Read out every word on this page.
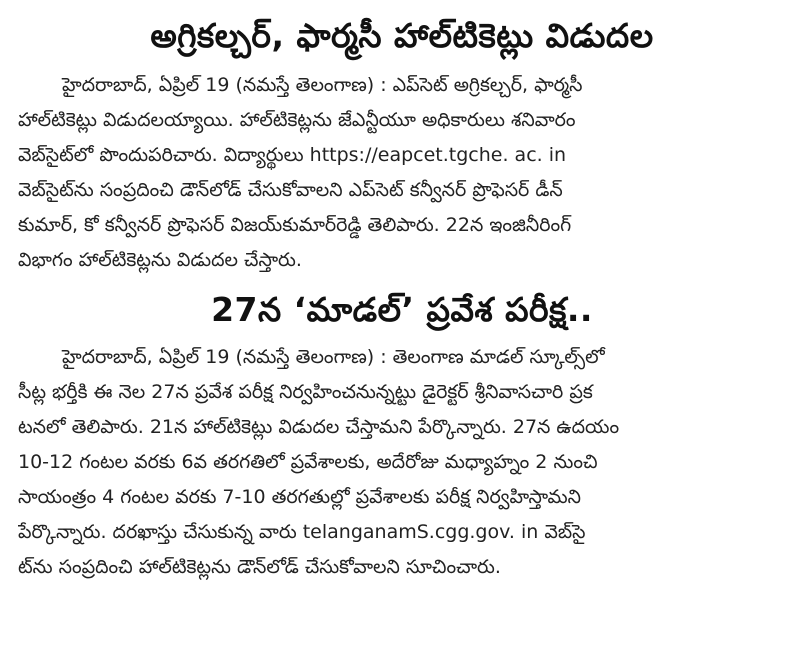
అగ్రికల్చర్‌, ఫార్మసీ హాల్‌టికెట్లు విడుదల

హైదరాబాద్‌, ఏప్రిల్‌ 19 (నమస్తే తెలంగాణ) : ఎప్‌సెట్‌ అగ్రికల్చర్‌, ఫార్మసీ
హాల్‌టికెట్లు విడుదలయ్యాయి. హాల్‌టికెట్లను జేఎన్టీయూ అధికారులు శనివారం
వెబ్‌సైట్‌లో పొందుపరిచారు. విద్యార్థులు https://eapcet.tgche. ac. in
వెబ్‌సైట్‌ను సంప్రదించి డౌన్‌లోడ్‌ చేసుకోవాలని ఎప్‌సెట్‌ కన్వీనర్‌ ప్రొఫెసర్‌ డీన్‌
కుమార్‌, కో కన్వీనర్‌ ప్రొఫెసర్‌ విజయ్‌కుమార్‌రెడ్డి తెలిపారు. 22న ఇంజినీరింగ్‌
విభాగం హాల్‌టికెట్లను విడుదల చేస్తారు.

27న ‘మాడల్‌’ ప్రవేశ పరీక్ష..

హైదరాబాద్‌, ఏప్రిల్‌ 19 (నమస్తే తెలంగాణ) : తెలంగాణ మాడల్‌ స్కూల్స్‌లో
సీట్ల భర్తీకి ఈ నెల 27న ప్రవేశ పరీక్ష నిర్వహించనున్నట్టు డైరెక్టర్‌ శ్రీనివాసచారి ప్రక
టనలో తెలిపారు. 21న హాల్‌టికెట్లు విడుదల చేస్తామని పేర్కొన్నారు. 27న ఉదయం
10-12 గంటల వరకు 6వ తరగతిలో ప్రవేశాలకు, అదేరోజు మధ్యాహ్నం 2 నుంచి
సాయంత్రం 4 గంటల వరకు 7-10 తరగతుల్లో ప్రవేశాలకు పరీక్ష నిర్వహిస్తామని
పేర్కొన్నారు. దరఖాస్తు చేసుకున్న వారు telanganamS.cgg.gov. in వెబ్‌సై
ట్‌ను సంప్రదించి హాల్‌టికెట్లను డౌన్‌లోడ్‌ చేసుకోవాలని సూచించారు.
